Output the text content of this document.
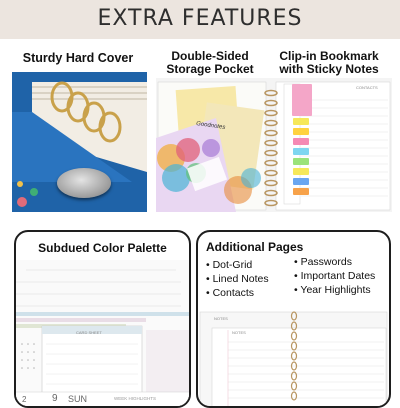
EXTRA FEATURES
Sturdy Hard Cover	Double-Sided
Storage Pocket
Clip-in Bookmark
with Sticky Notes
CONTACTS
Goodnotes
Subdued Color Palette
CARD SHEET
2	9 SUN	WEEK HIGHLIGHTS
Additional Pages
• Dot-Grid
• Lined Notes
• Contacts
• Passwords
• Important Dates
• Year Highlights
NOTES
NOTES
